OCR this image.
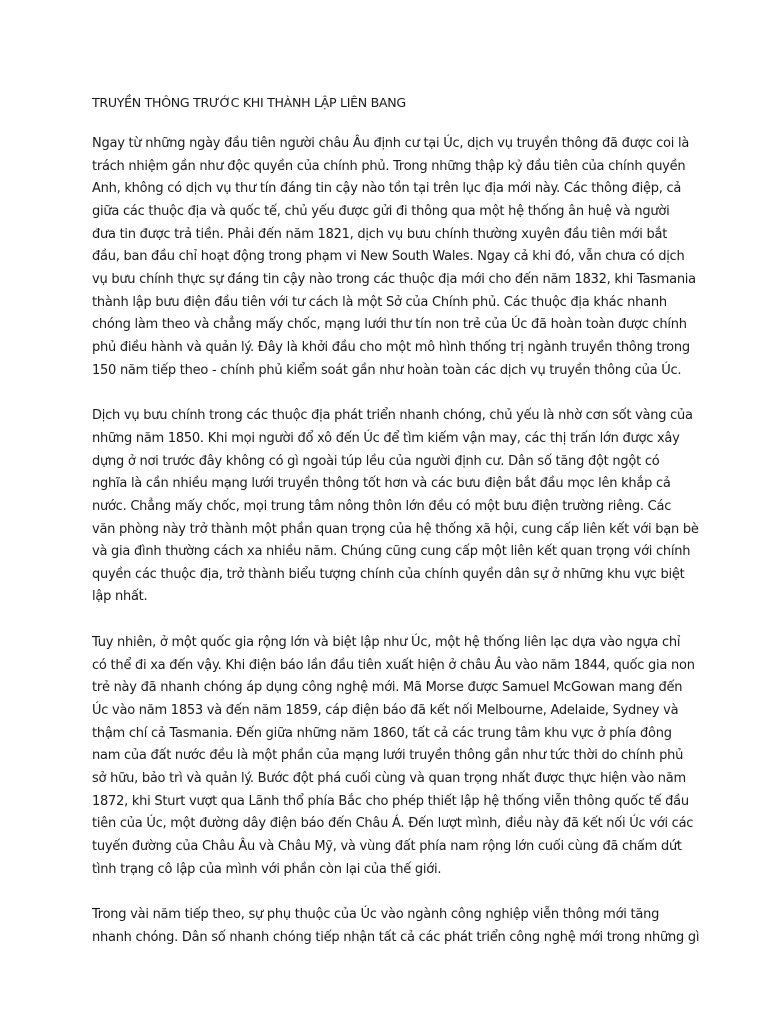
TRUYỀN THÔNG TRƯỚC KHI THÀNH LẬP LIÊN BANG
Ngay từ những ngày đầu tiên người châu Âu định cư tại Úc, dịch vụ truyền thông đã được coi là
trách nhiệm gần như độc quyền của chính phủ. Trong những thập kỷ đầu tiên của chính quyền
Anh, không có dịch vụ thư tín đáng tin cậy nào tồn tại trên lục địa mới này. Các thông điệp, cả
giữa các thuộc địa và quốc tế, chủ yếu được gửi đi thông qua một hệ thống ân huệ và người
đưa tin được trả tiền. Phải đến năm 1821, dịch vụ bưu chính thường xuyên đầu tiên mới bắt
đầu, ban đầu chỉ hoạt động trong phạm vi New South Wales. Ngay cả khi đó, vẫn chưa có dịch
vụ bưu chính thực sự đáng tin cậy nào trong các thuộc địa mới cho đến năm 1832, khi Tasmania
thành lập bưu điện đầu tiên với tư cách là một Sở của Chính phủ. Các thuộc địa khác nhanh
chóng làm theo và chẳng mấy chốc, mạng lưới thư tín non trẻ của Úc đã hoàn toàn được chính
phủ điều hành và quản lý. Đây là khởi đầu cho một mô hình thống trị ngành truyền thông trong
150 năm tiếp theo - chính phủ kiểm soát gần như hoàn toàn các dịch vụ truyền thông của Úc.
Dịch vụ bưu chính trong các thuộc địa phát triển nhanh chóng, chủ yếu là nhờ cơn sốt vàng của
những năm 1850. Khi mọi người đổ xô đến Úc để tìm kiếm vận may, các thị trấn lớn được xây
dựng ở nơi trước đây không có gì ngoài túp lều của người định cư. Dân số tăng đột ngột có
nghĩa là cần nhiều mạng lưới truyền thông tốt hơn và các bưu điện bắt đầu mọc lên khắp cả
nước. Chẳng mấy chốc, mọi trung tâm nông thôn lớn đều có một bưu điện trường riêng. Các
văn phòng này trở thành một phần quan trọng của hệ thống xã hội, cung cấp liên kết với bạn bè
và gia đình thường cách xa nhiều năm. Chúng cũng cung cấp một liên kết quan trọng với chính
quyền các thuộc địa, trở thành biểu tượng chính của chính quyền dân sự ở những khu vực biệt
lập nhất.
Tuy nhiên, ở một quốc gia rộng lớn và biệt lập như Úc, một hệ thống liên lạc dựa vào ngựa chỉ
có thể đi xa đến vậy. Khi điện báo lần đầu tiên xuất hiện ở châu Âu vào năm 1844, quốc gia non
trẻ này đã nhanh chóng áp dụng công nghệ mới. Mã Morse được Samuel McGowan mang đến
Úc vào năm 1853 và đến năm 1859, cáp điện báo đã kết nối Melbourne, Adelaide, Sydney và
thậm chí cả Tasmania. Đến giữa những năm 1860, tất cả các trung tâm khu vực ở phía đông
nam của đất nước đều là một phần của mạng lưới truyền thông gần như tức thời do chính phủ
sở hữu, bảo trì và quản lý. Bước đột phá cuối cùng và quan trọng nhất được thực hiện vào năm
1872, khi Sturt vượt qua Lãnh thổ phía Bắc cho phép thiết lập hệ thống viễn thông quốc tế đầu
tiên của Úc, một đường dây điện báo đến Châu Á. Đến lượt mình, điều này đã kết nối Úc với các
tuyến đường của Châu Âu và Châu Mỹ, và vùng đất phía nam rộng lớn cuối cùng đã chấm dứt
tình trạng cô lập của mình với phần còn lại của thế giới.
Trong vài năm tiếp theo, sự phụ thuộc của Úc vào ngành công nghiệp viễn thông mới tăng
nhanh chóng. Dân số nhanh chóng tiếp nhận tất cả các phát triển công nghệ mới trong những gì
